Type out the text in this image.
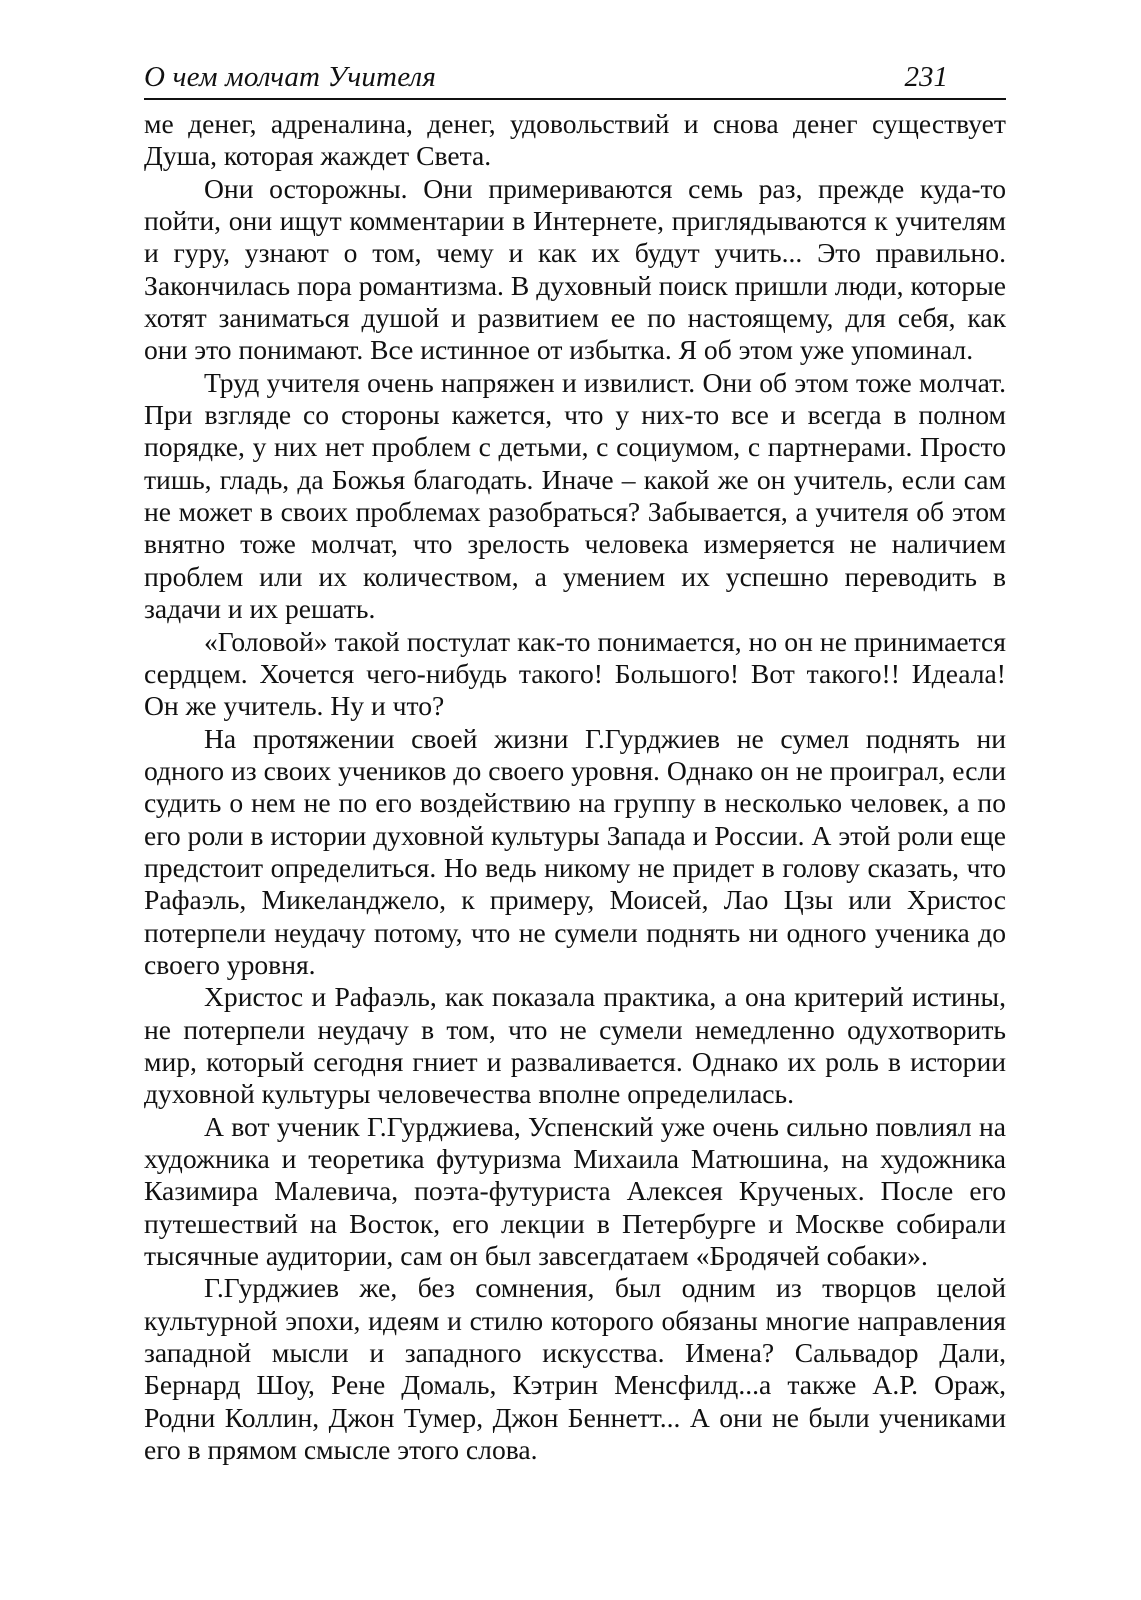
О чем молчат Учителя	231

ме денег, адреналина, денег, удовольствий и снова денег существует Душа, которая жаждет Света.

Они осторожны. Они примериваются семь раз, прежде куда-то пойти, они ищут комментарии в Интернете, приглядываются к учителям и гуру, узнают о том, чему и как их будут учить... Это правильно. Закончилась пора романтизма. В духовный поиск пришли люди, которые хотят заниматься душой и развитием ее по настоящему, для себя, как они это понимают. Все истинное от избытка. Я об этом уже упоминал.

Труд учителя очень напряжен и извилист. Они об этом тоже молчат. При взгляде со стороны кажется, что у них-то все и всегда в полном порядке, у них нет проблем с детьми, с социумом, с партнерами. Просто тишь, гладь, да Божья благодать. Иначе – какой же он учитель, если сам не может в своих проблемах разобраться? Забывается, а учителя об этом внятно тоже молчат, что зрелость человека измеряется не наличием проблем или их количеством, а умением их успешно переводить в задачи и их решать.

«Головой» такой постулат как-то понимается, но он не принимается сердцем. Хочется чего-нибудь такого! Большого! Вот такого!! Идеала! Он же учитель. Ну и что?

На протяжении своей жизни Г.Гурджиев не сумел поднять ни одного из своих учеников до своего уровня. Однако он не проиграл, если судить о нем не по его воздействию на группу в несколько человек, а по его роли в истории духовной культуры Запада и России. А этой роли еще предстоит определиться. Но ведь никому не придет в голову сказать, что Рафаэль, Микеланджело, к примеру, Моисей, Лао Цзы или Христос потерпели неудачу потому, что не сумели поднять ни одного ученика до своего уровня.

Христос и Рафаэль, как показала практика, а она критерий истины, не потерпели неудачу в том, что не сумели немедленно одухотворить мир, который сегодня гниет и разваливается. Однако их роль в истории духовной культуры человечества вполне определилась.

А вот ученик Г.Гурджиева, Успенский уже очень сильно повлиял на художника и теоретика футуризма Михаила Матюшина, на художника Казимира Малевича, поэта-футуриста Алексея Крученых. После его путешествий на Восток, его лекции в Петербурге и Москве собирали тысячные аудитории, сам он был завсегдатаем «Бродячей собаки».

Г.Гурджиев же, без сомнения, был одним из творцов целой культурной эпохи, идеям и стилю которого обязаны многие направления западной мысли и западного искусства. Имена? Сальвадор Дали, Бернард Шоу, Рене Домаль, Кэтрин Менсфилд...а также А.Р. Ораж, Родни Коллин, Джон Тумер, Джон Беннетт... А они не были учениками его в прямом смысле этого слова.
